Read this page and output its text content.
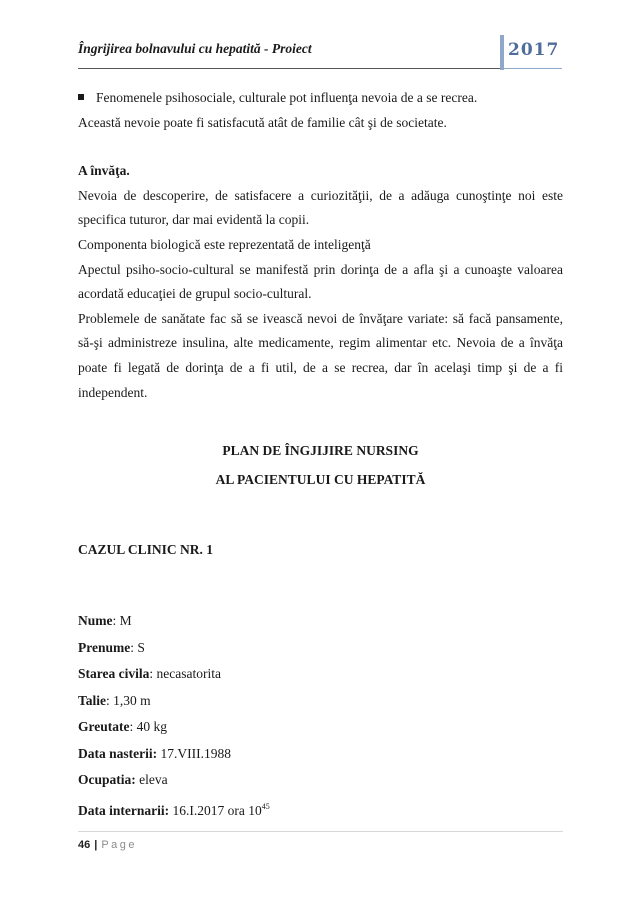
Îngrijirea bolnavului cu hepatită - Proiect	2017

Fenomenele psihosociale, culturale pot influenţa nevoia de a se recrea.

Această nevoie poate fi satisfacută atât de familie cât şi de societate.

A învăţa.

Nevoia de descoperire, de satisfacere a curiozităţii, de a adăuga cunoştinţe noi este specifica tuturor, dar mai evidentă la copii.

Componenta biologică este reprezentată de inteligenţă

Apectul psiho-socio-cultural se manifestă prin dorinţa de a afla şi a cunoaşte valoarea acordată educaţiei de grupul socio-cultural.

Problemele de sanătate fac să se ivească nevoi de învăţare variate: să facă pansamente, să-şi administreze insulina, alte medicamente, regim alimentar etc. Nevoia de a învăţa poate fi legată de dorinţa de a fi util, de a se recrea, dar în acelaşi timp şi de a fi independent.

PLAN DE ÎNGJIJIRE NURSING

AL PACIENTULUI CU HEPATITĂ

CAZUL CLINIC NR. 1

Nume: M

Prenume: S

Starea civila: necasatorita

Talie: 1,30 m

Greutate: 40 kg

Data nasterii: 17.VIII.1988

Ocupatia: eleva

Data internarii: 16.I.2017 ora $10^{45}$

46 | Page
